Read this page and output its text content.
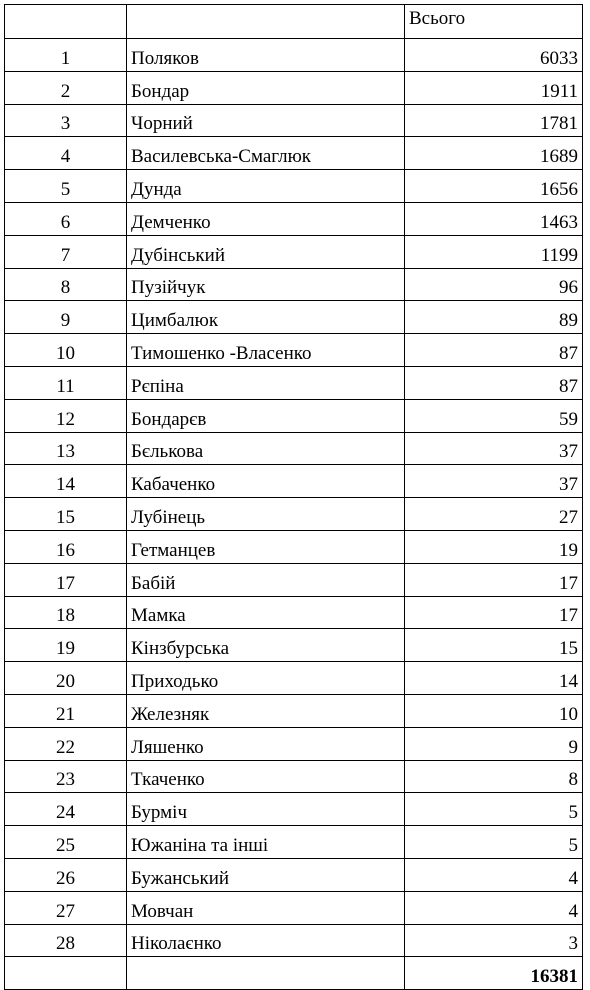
		Всього
1	Поляков	6033
2	Бондар	1911
3	Чорний	1781
4	Василевська-Смаглюк	1689
5	Дунда	1656
6	Демченко	1463
7	Дубінський	1199
8	Пузійчук	96
9	Цимбалюк	89
10	Тимошенко -Власенко	87
11	Рєпіна	87
12	Бондарєв	59
13	Бєлькова	37
14	Кабаченко	37
15	Лубінець	27
16	Гетманцев	19
17	Бабій	17
18	Мамка	17
19	Кінзбурська	15
20	Приходько	14
21	Железняк	10
22	Ляшенко	9
23	Ткаченко	8
24	Бурміч	5
25	Южаніна та інші	5
26	Бужанський	4
27	Мовчан	4
28	Ніколаєнко	3
		16381
